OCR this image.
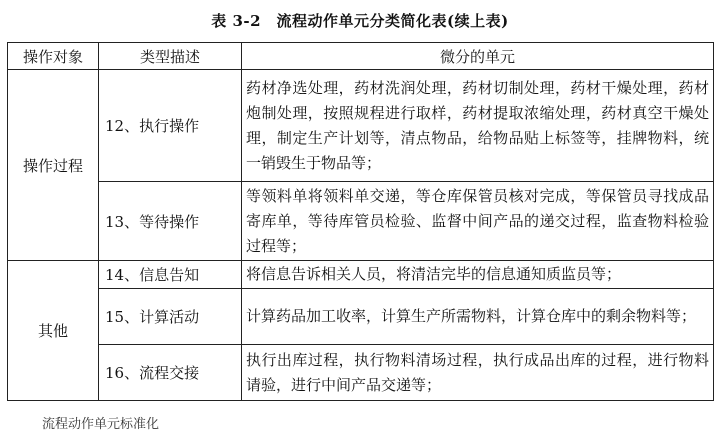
表 3-2　流程动作单元分类简化表(续上表)
操作对象	类型描述	微分的单元
操作过程	12、执行操作	药材净选处理，药材洗润处理，药材切制处理，药材干燥处理，药材炮制处理，按照规程进行取样，药材提取浓缩处理，药材真空干燥处理，制定生产计划等，清点物品，给物品贴上标签等，挂牌物料，统一销毁生于物品等；
	13、等待操作	等领料单将领料单交递，等仓库保管员核对完成，等保管员寻找成品寄库单，等待库管员检验、监督中间产品的递交过程，监查物料检验过程等；
其他	14、信息告知	将信息告诉相关人员，将清洁完毕的信息通知质监员等；
	15、计算活动	计算药品加工收率，计算生产所需物料，计算仓库中的剩余物料等；
	16、流程交接	执行出库过程，执行物料清场过程，执行成品出库的过程，进行物料请验，进行中间产品交递等；
流程动作单元标准化
